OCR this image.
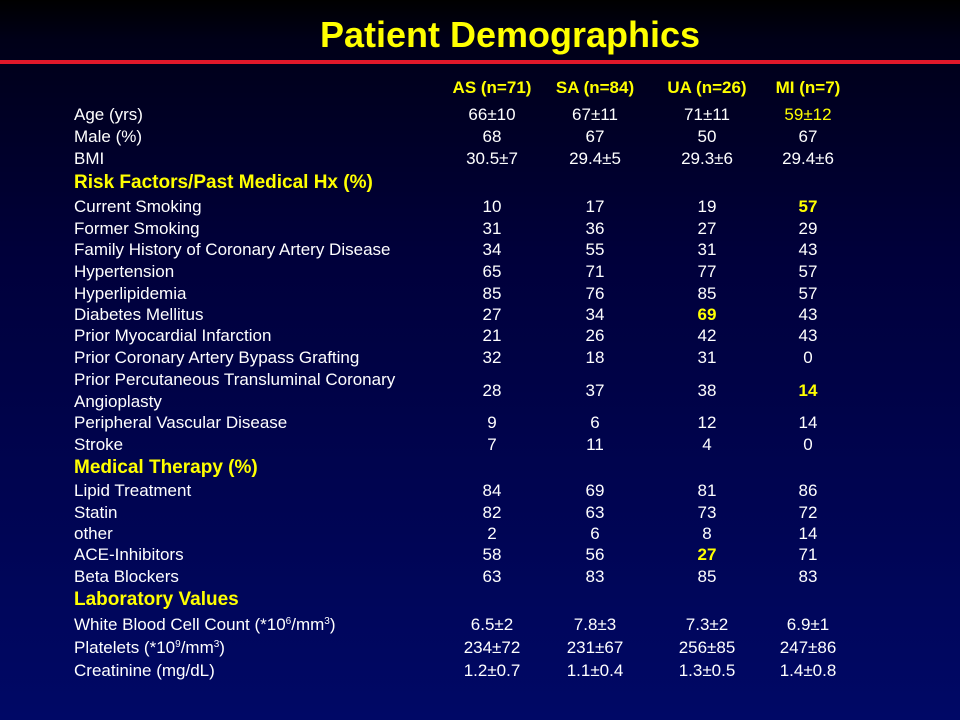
Patient Demographics
AS (n=71)	SA (n=84)	UA (n=26)	MI (n=7)
Age (yrs)	66±10	67±11	71±11	59±12
Male (%)	68	67	50	67
BMI	30.5±7	29.4±5	29.3±6	29.4±6
Risk Factors/Past Medical Hx (%)
Current Smoking	10	17	19	57
Former Smoking	31	36	27	29
Family History of Coronary Artery Disease	34	55	31	43
Hypertension	65	71	77	57
Hyperlipidemia	85	76	85	57
Diabetes Mellitus	27	34	69	43
Prior Myocardial Infarction	21	26	42	43
Prior Coronary Artery Bypass Grafting	32	18	31	0
Prior Percutaneous Transluminal Coronary
Angioplasty
28	37	38	14
Peripheral Vascular Disease	9	6	12	14
Stroke	7	11	4	0
Medical Therapy (%)
Lipid Treatment	84	69	81	86
Statin	82	63	73	72
other	2	6	8	14
ACE-Inhibitors	58	56	27	71
Beta Blockers	63	83	85	83
Laboratory Values
White Blood Cell Count $(*10^6/mm^3)$	6.5±2	7.8±3	7.3±2	6.9±1
Platelets $(*10^9/mm^3)$	234±72	231±67	256±85	247±86
Creatinine (mg/dL)	1.2±0.7	1.1±0.4	1.3±0.5	1.4±0.8
